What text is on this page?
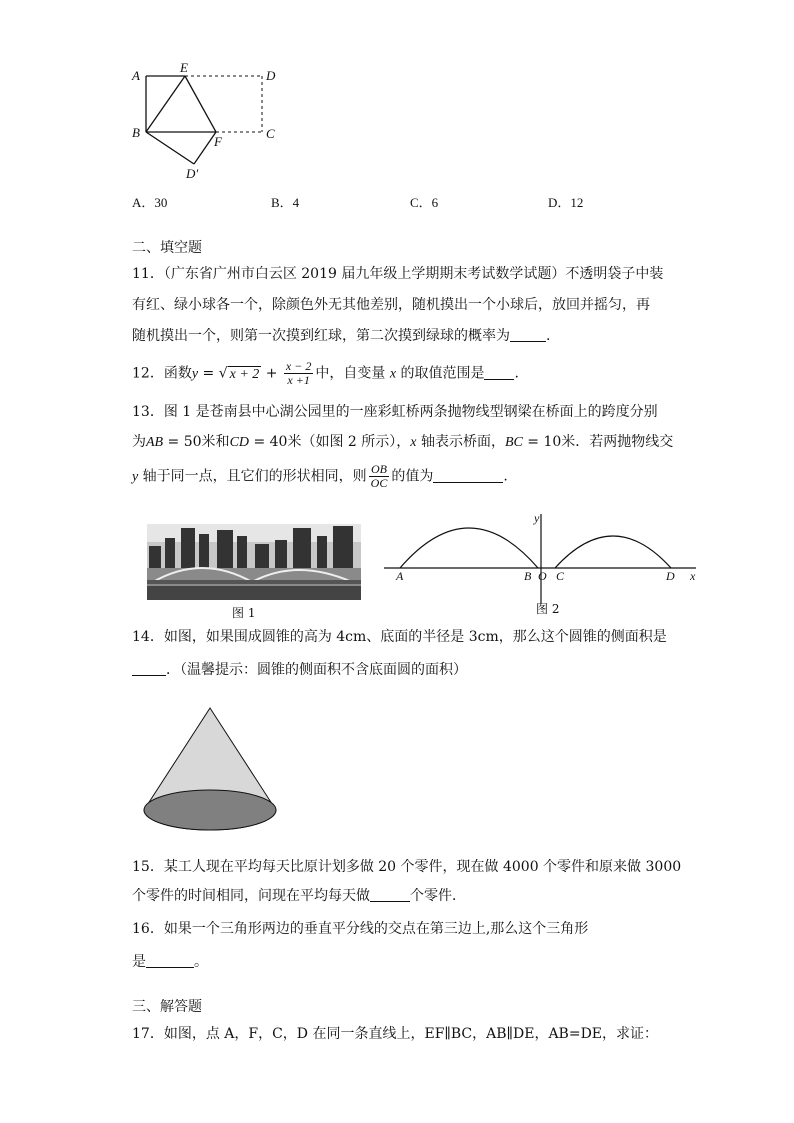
A
E
D
B
F
C
D′
A．30	B．4	C．6	D．12
二、填空题
11．（广东省广州市白云区 2019 届九年级上学期期末考试数学试题）不透明袋子中装
有红、绿小球各一个，除颜色外无其他差别，随机摸出一个小球后，放回并摇匀，再
随机摸出一个，则第一次摸到红球，第二次摸到绿球的概率为	.
12．函数y = √ $x + 2 + \frac{x - 2}{x +1}$ 中，自变量 x 的取值范围是 .
13．图 1 是苍南县中心湖公园里的一座彩虹桥两条抛物线型钢梁在桥面上的跨度分别
为AB = 50米和CD = 40米（如图 2 所示），x 轴表示桥面，BC = 10米．若两抛物线交
y 轴于同一点，且它们的形状相同，则 $\frac{OB}{OC}$ 的值为	.
图 1
y
A	B O C	D x
图 2
14．如图，如果围成圆锥的高为 4cm、底面的半径是 3cm，那么这个圆锥的侧面积是
．（温馨提示：圆锥的侧面积不含底面圆的面积）
15．某工人现在平均每天比原计划多做 20 个零件，现在做 4000 个零件和原来做 3000
个零件的时间相同，问现在平均每天做	个零件．
16．如果一个三角形两边的垂直平分线的交点在第三边上,那么这个三角形
是	。
三、解答题
17．如图，点 A，F，C，D 在同一条直线上，EF∥BC，AB∥DE，AB=DE，求证：
